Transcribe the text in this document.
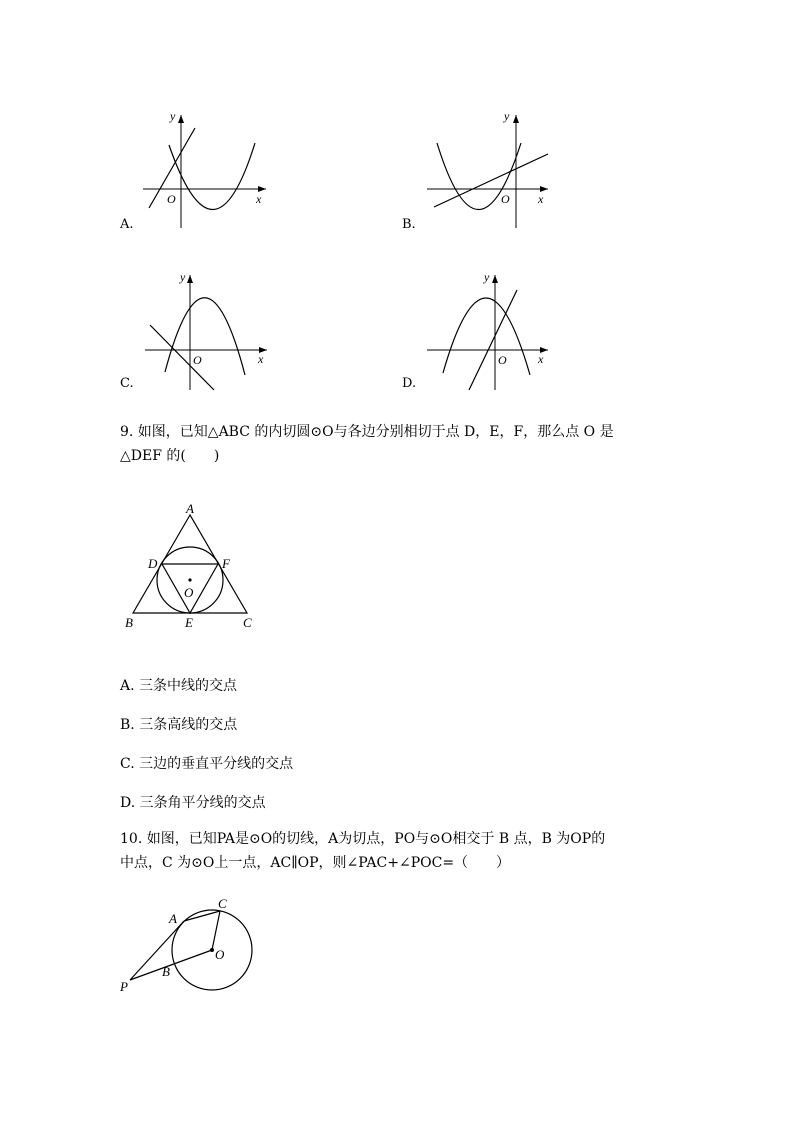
y
x
O
A.
y
x
O
B.
y
x
O
C.
y
x
O
D.
9. 如图，已知△ABC 的内切圆⊙O与各边分别相切于点 D，E，F，那么点 O 是
△DEF 的(　　)
A
B	C
D
E
F
O
A. 三条中线的交点
B. 三条高线的交点
C. 三边的垂直平分线的交点
D. 三条角平分线的交点
10. 如图，已知PA是⊙O的切线，A为切点，PO与⊙O相交于 B 点，B 为OP的
中点，C 为⊙O上一点，AC∥OP，则∠PAC+∠POC=（　　）
A
B
C
O
P
